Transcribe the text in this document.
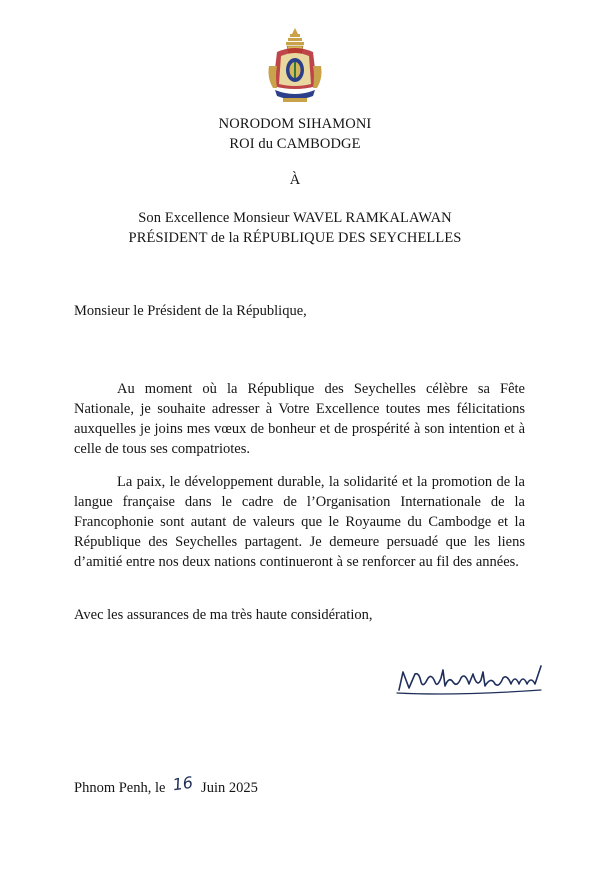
NORODOM SIHAMONI
ROI du CAMBODGE
À
Son Excellence Monsieur WAVEL RAMKALAWAN
PRÉSIDENT de la RÉPUBLIQUE DES SEYCHELLES
Monsieur le Président de la République,

Au moment où la République des Seychelles célèbre sa Fête Nationale, je souhaite adresser à Votre Excellence toutes mes félicitations auxquelles je joins mes vœux de bonheur et de prospérité à son intention et à celle de tous ses compatriotes.

La paix, le développement durable, la solidarité et la promotion de la langue française dans le cadre de l’Organisation Internationale de la Francophonie sont autant de valeurs que le Royaume du Cambodge et la République des Seychelles partagent. Je demeure persuadé que les liens d’amitié entre nos deux nations continueront à se renforcer au fil des années.

Avec les assurances de ma très haute considération,
Phnom Penh, le 16 Juin 2025
